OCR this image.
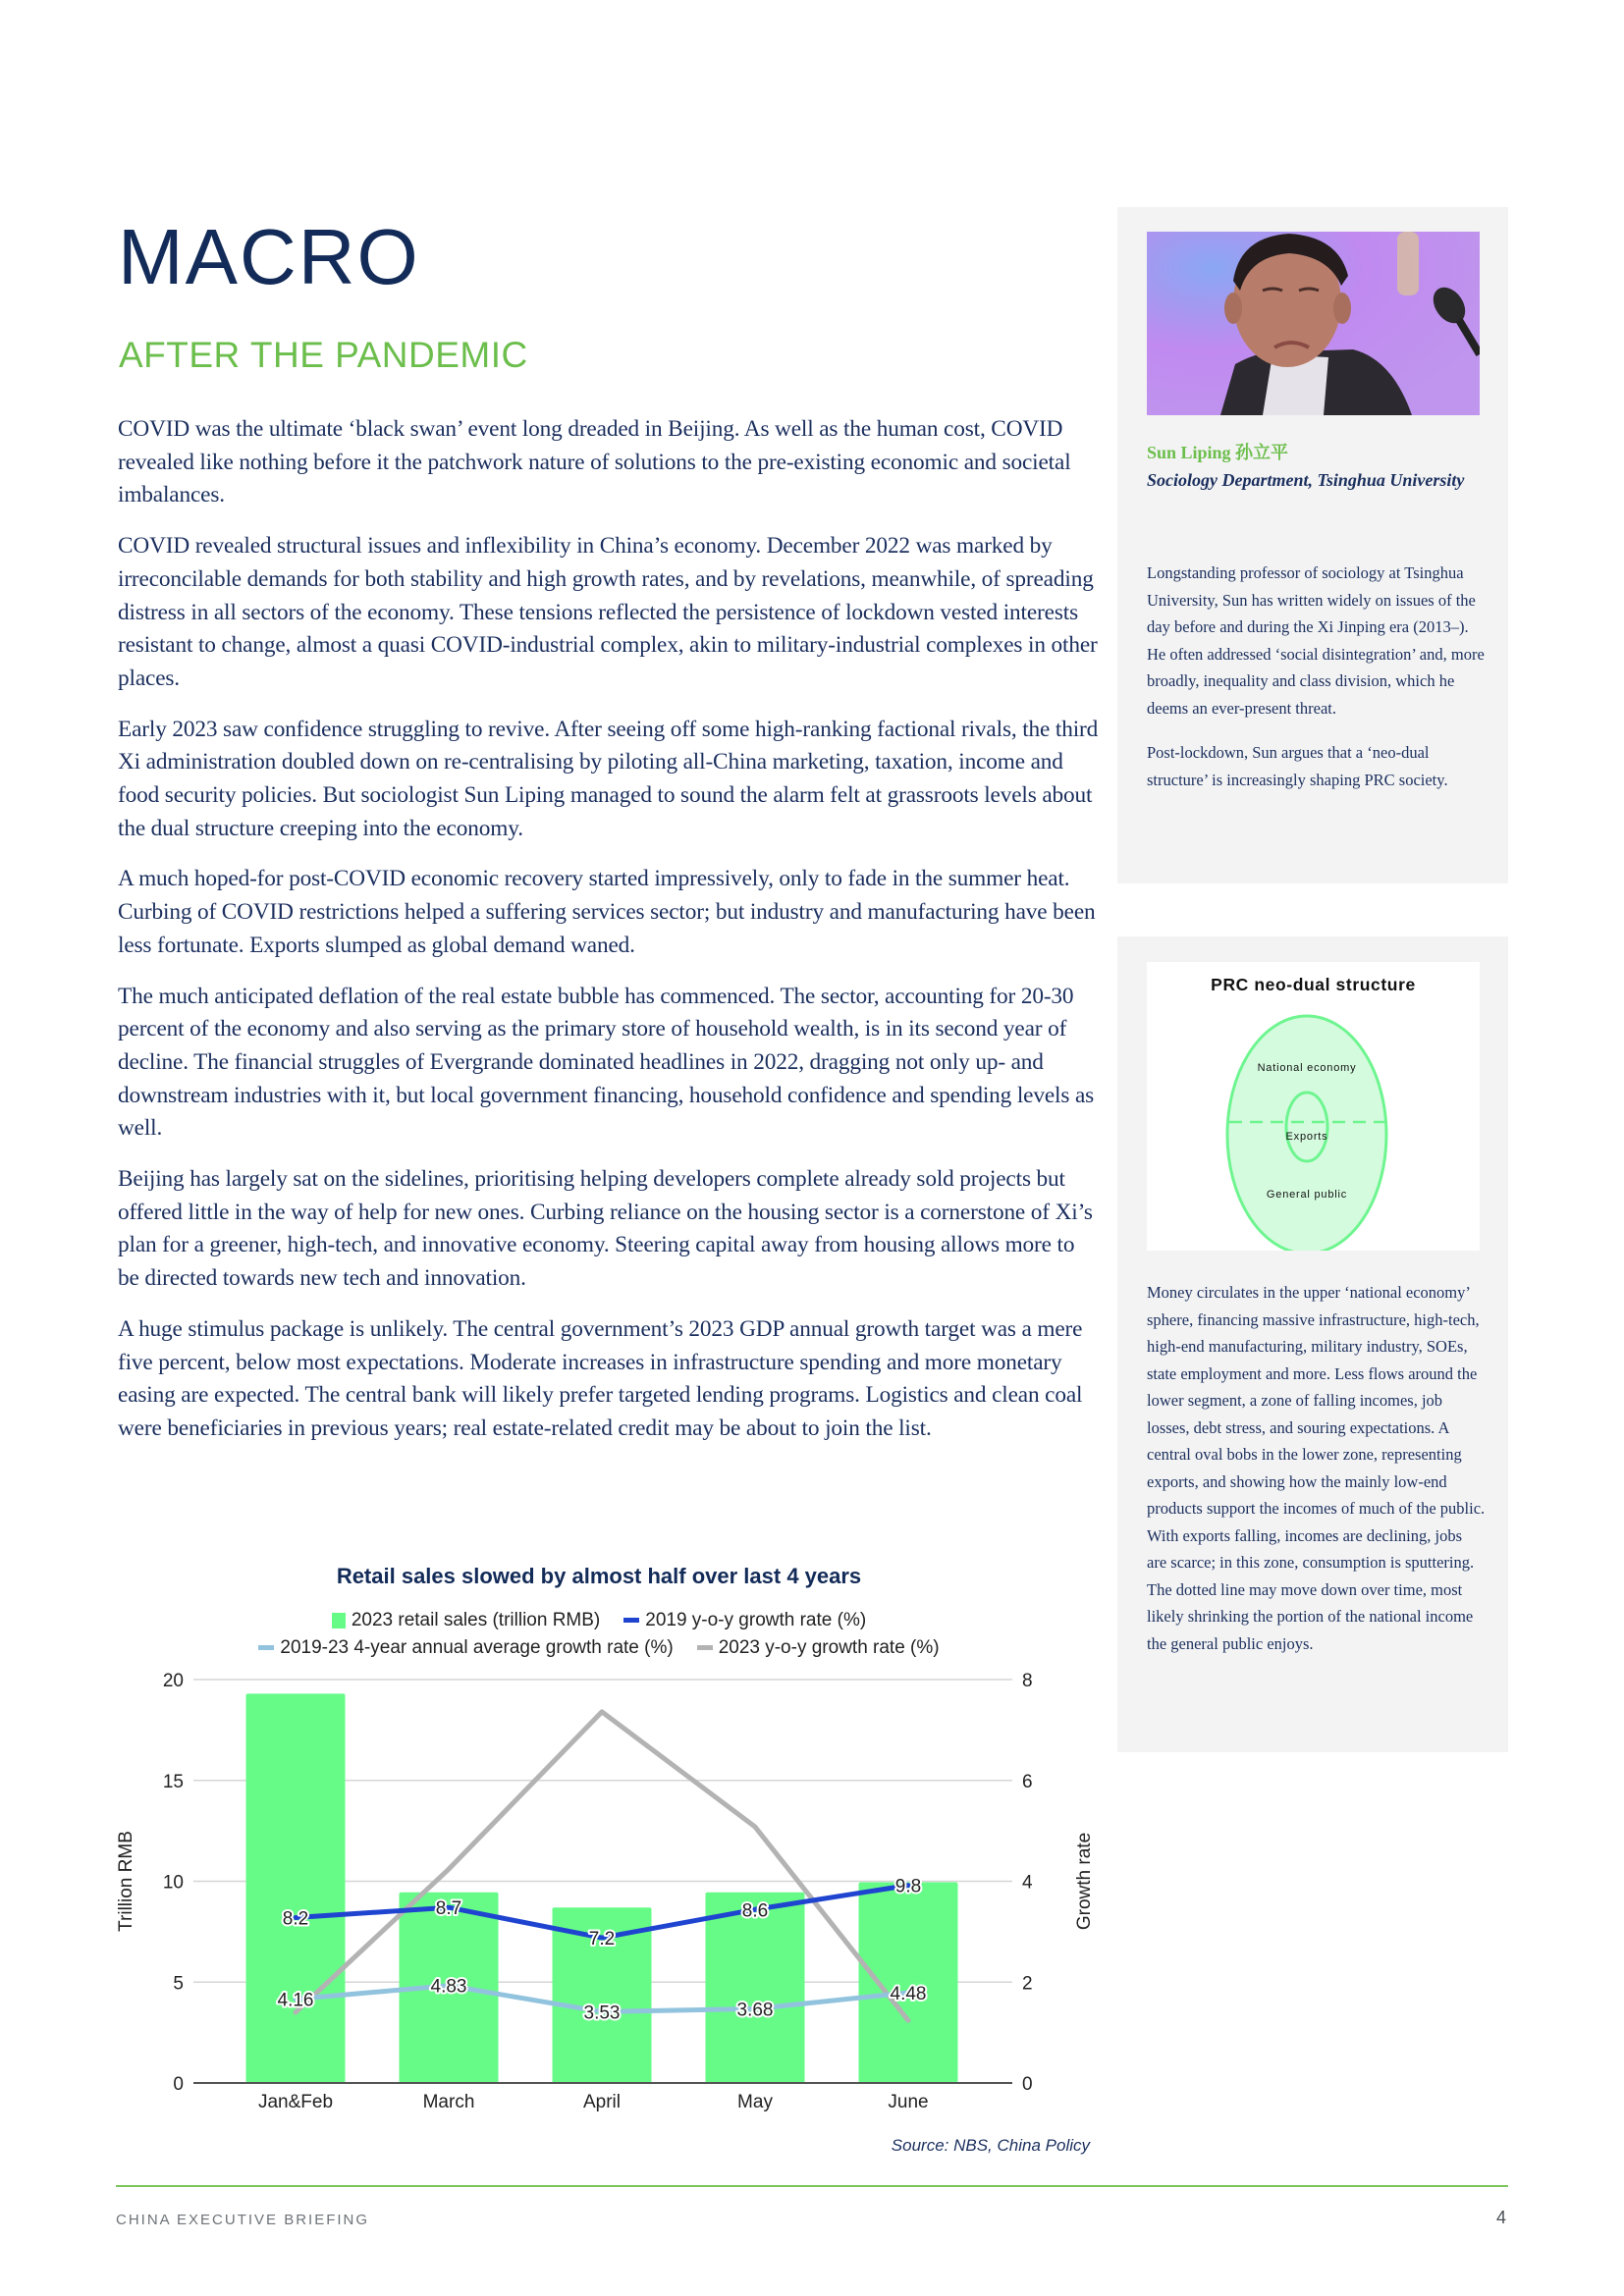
MACRO
AFTER THE PANDEMIC

COVID was the ultimate ‘black swan’ event long dreaded in Beijing. As well as the human cost, COVID revealed like nothing before it the patchwork nature of solutions to the pre-existing economic and societal imbalances.

COVID revealed structural issues and inflexibility in China’s economy. December 2022 was marked by irreconcilable demands for both stability and high growth rates, and by revelations, meanwhile, of spreading distress in all sectors of the economy. These tensions reflected the persistence of lockdown vested interests resistant to change, almost a quasi COVID-industrial complex, akin to military-industrial complexes in other places.

Early 2023 saw confidence struggling to revive. After seeing off some high-ranking factional rivals, the third Xi administration doubled down on re-centralising by piloting all-China marketing, taxation, income and food security policies. But sociologist Sun Liping managed to sound the alarm felt at grassroots levels about the dual structure creeping into the economy.

A much hoped-for post-COVID economic recovery started impressively, only to fade in the summer heat. Curbing of COVID restrictions helped a suffering services sector; but industry and manufacturing have been less fortunate. Exports slumped as global demand waned.

The much anticipated deflation of the real estate bubble has commenced. The sector, accounting for 20-30 percent of the economy and also serving as the primary store of household wealth, is in its second year of decline. The financial struggles of Evergrande dominated headlines in 2022, dragging not only up- and downstream industries with it, but local government financing, household confidence and spending levels as well.

Beijing has largely sat on the sidelines, prioritising helping developers complete already sold projects but offered little in the way of help for new ones. Curbing reliance on the housing sector is a cornerstone of Xi’s plan for a greener, high-tech, and innovative economy. Steering capital away from housing allows more to be directed towards new tech and innovation.

A huge stimulus package is unlikely. The central government’s 2023 GDP annual growth target was a mere five percent, below most expectations. Moderate increases in infrastructure spending and more monetary easing are expected. The central bank will likely prefer targeted lending programs. Logistics and clean coal were beneficiaries in previous years; real estate-related credit may be about to join the list.

Sun Liping 孙立平
Sociology Department, Tsinghua University

Longstanding professor of sociology at Tsinghua University, Sun has written widely on issues of the day before and during the Xi Jinping era (2013–). He often addressed ‘social disintegration’ and, more broadly, inequality and class division, which he deems an ever-present threat.

Post-lockdown, Sun argues that a ‘neo-dual structure’ is increasingly shaping PRC society.

PRC neo-dual structure
National economy
Exports
General public
Money circulates in the upper ‘national economy’ sphere, financing massive infrastructure, high-tech, high-end manufacturing, military industry, SOEs, state employment and more. Less flows around the lower segment, a zone of falling incomes, job losses, debt stress, and souring expectations. A central oval bobs in the lower zone, representing exports, and showing how the mainly low-end products support the incomes of much of the public. With exports falling, incomes are declining, jobs are scarce; in this zone, consumption is sputtering. The dotted line may move down over time, most likely shrinking the portion of the national income the general public enjoys.
0
5
10
15
20
0
2
4
6
8
Trillion RMB	Growth rate
Jan&Feb	March	April	May	June
8.2	8.7
7.2
8.6
9.8
4.16
4.83
3.53	3.68
4.48
Retail sales slowed by almost half over last 4 years
2023 retail sales (trillion RMB) 2019 y-o-y growth rate (%)
2019-23 4-year annual average growth rate (%) 2023 y-o-y growth rate (%)
Source: NBS, China Policy
CHINA EXECUTIVE BRIEFING	4
